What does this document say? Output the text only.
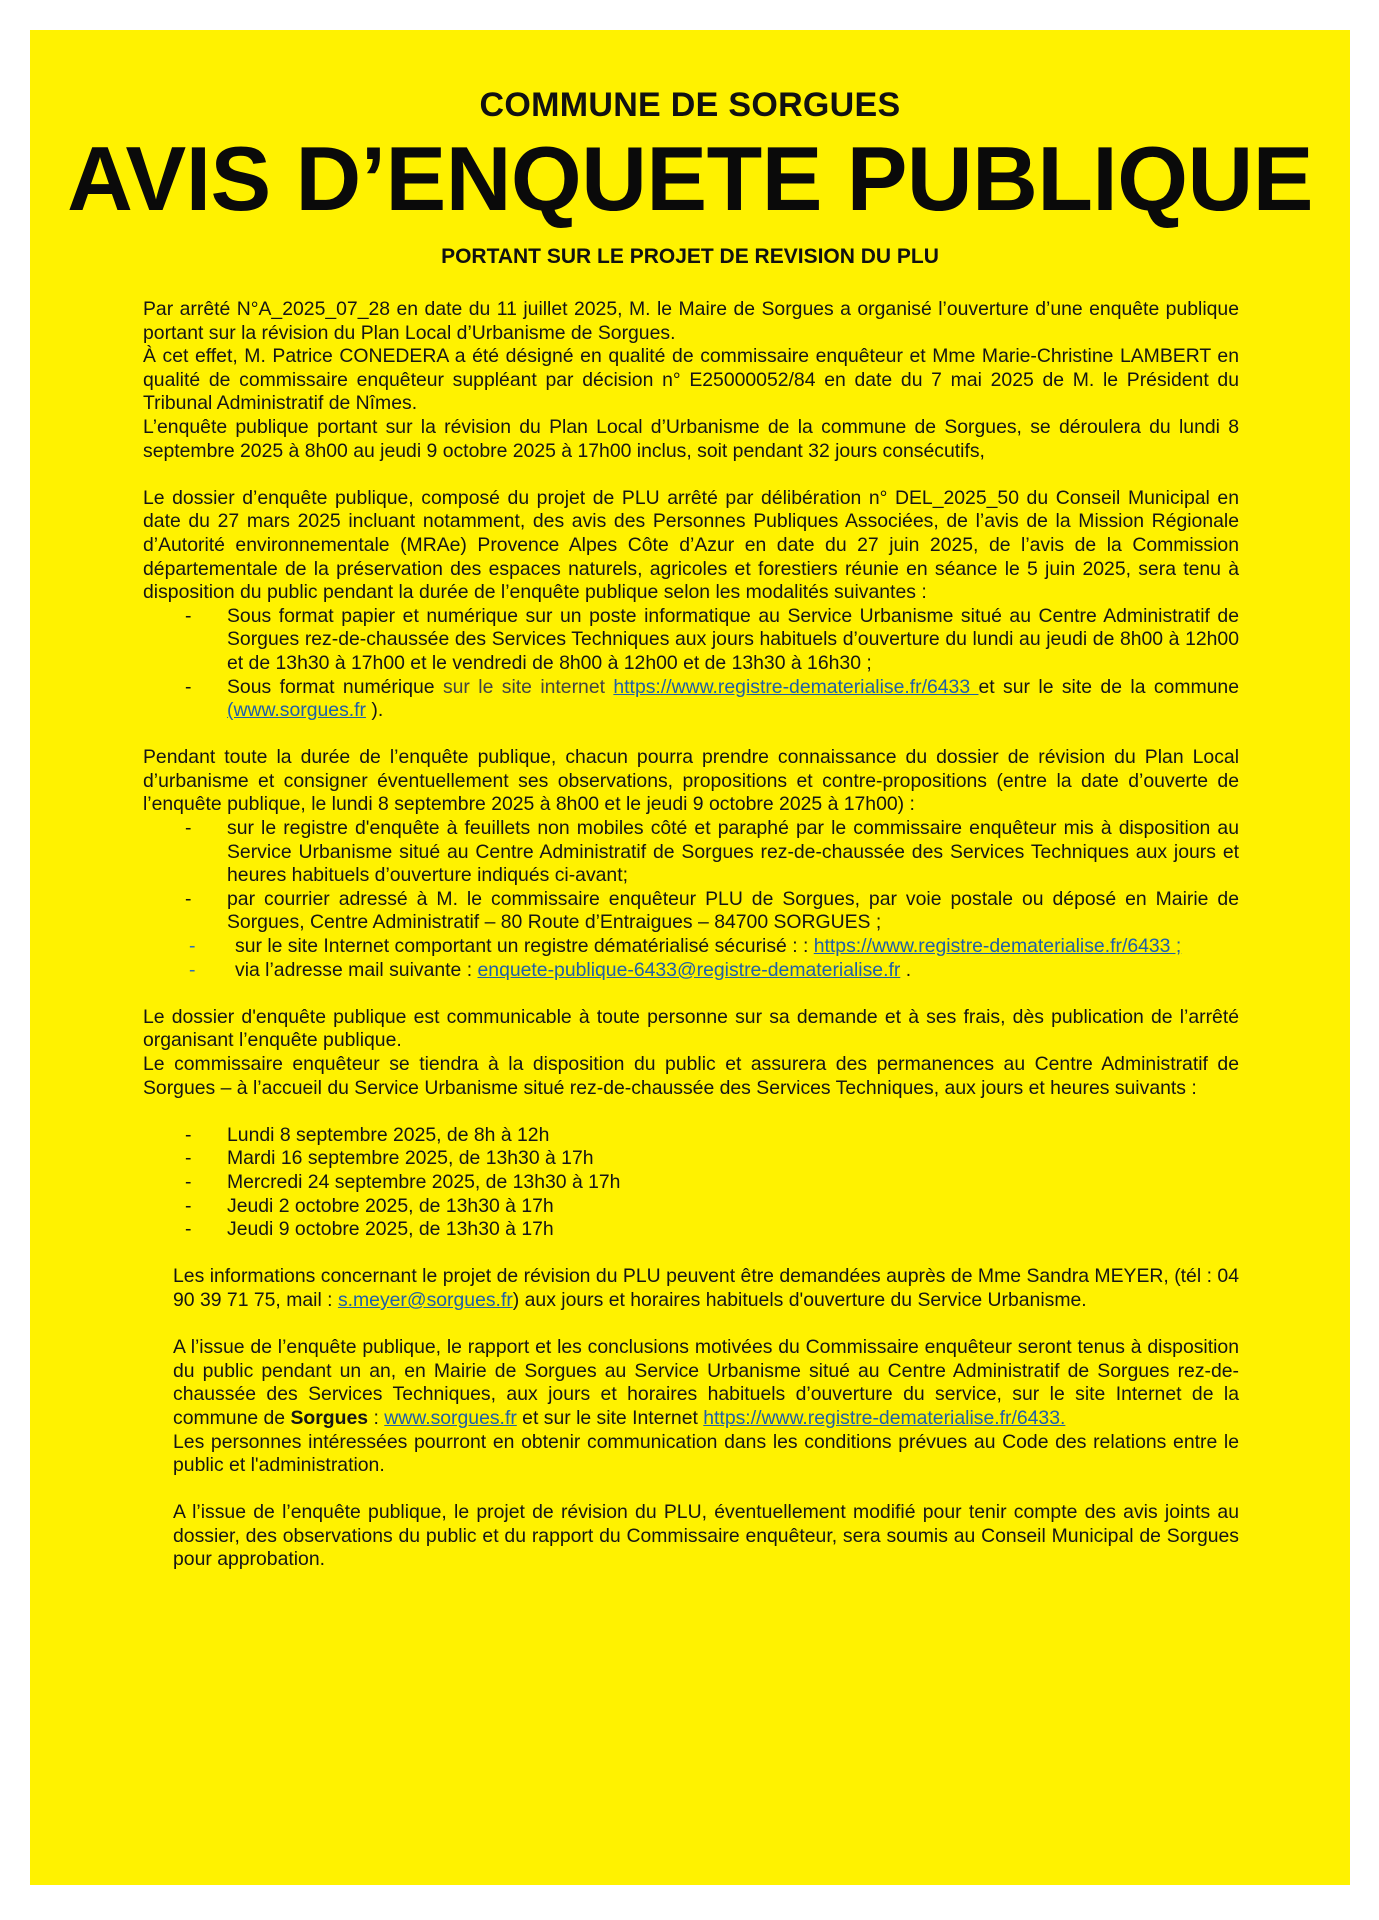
COMMUNE DE SORGUES
AVIS D’ENQUETE PUBLIQUE
PORTANT SUR LE PROJET DE REVISION DU PLU

Par arrêté N°A_2025_07_28 en date du 11 juillet 2025, M. le Maire de Sorgues a organisé l’ouverture d’une enquête publique portant sur la révision du Plan Local d’Urbanisme de Sorgues.

À cet effet, M. Patrice CONEDERA a été désigné en qualité de commissaire enquêteur et Mme Marie-Christine LAMBERT en qualité de commissaire enquêteur suppléant par décision n° E25000052/84 en date du 7 mai 2025 de M. le Président du Tribunal Administratif de Nîmes.

L’enquête publique portant sur la révision du Plan Local d’Urbanisme de la commune de Sorgues, se déroulera du lundi 8 septembre 2025 à 8h00 au jeudi 9 octobre 2025 à 17h00 inclus, soit pendant 32 jours consécutifs,

Le dossier d’enquête publique, composé du projet de PLU arrêté par délibération n° DEL_2025_50 du Conseil Municipal en date du 27 mars 2025 incluant notamment, des avis des Personnes Publiques Associées, de l’avis de la Mission Régionale d’Autorité environnementale (MRAe) Provence Alpes Côte d’Azur en date du 27 juin 2025, de l’avis de la Commission départementale de la préservation des espaces naturels, agricoles et forestiers réunie en séance le 5 juin 2025, sera tenu à disposition du public pendant la durée de l’enquête publique selon les modalités suivantes :

- Sous format papier et numérique sur un poste informatique au Service Urbanisme situé au Centre Administratif de Sorgues rez-de-chaussée des Services Techniques aux jours habituels d’ouverture du lundi au jeudi de 8h00 à 12h00 et de 13h30 à 17h00 et le vendredi de 8h00 à 12h00 et de 13h30 à 16h30 ;
- Sous format numérique sur le site internet https://www.registre-dematerialise.fr/6433 et sur le site de la commune (www.sorgues.fr ).

Pendant toute la durée de l’enquête publique, chacun pourra prendre connaissance du dossier de révision du Plan Local d’urbanisme et consigner éventuellement ses observations, propositions et contre-propositions (entre la date d’ouverte de l’enquête publique, le lundi 8 septembre 2025 à 8h00 et le jeudi 9 octobre 2025 à 17h00) :

- sur le registre d'enquête à feuillets non mobiles côté et paraphé par le commissaire enquêteur mis à disposition au Service Urbanisme situé au Centre Administratif de Sorgues rez-de-chaussée des Services Techniques aux jours et heures habituels d’ouverture indiqués ci-avant;
- par courrier adressé à M. le commissaire enquêteur PLU de Sorgues, par voie postale ou déposé en Mairie de Sorgues, Centre Administratif – 80 Route d’Entraigues – 84700 SORGUES ;
- sur le site Internet comportant un registre dématérialisé sécurisé : : https://www.registre-dematerialise.fr/6433 ;
- via l’adresse mail suivante : enquete-publique-6433@registre-dematerialise.fr .

Le dossier d'enquête publique est communicable à toute personne sur sa demande et à ses frais, dès publication de l’arrêté organisant l’enquête publique.

Le commissaire enquêteur se tiendra à la disposition du public et assurera des permanences au Centre Administratif de Sorgues – à l’accueil du Service Urbanisme situé rez-de-chaussée des Services Techniques, aux jours et heures suivants :

- Lundi 8 septembre 2025, de 8h à 12h
- Mardi 16 septembre 2025, de 13h30 à 17h
- Mercredi 24 septembre 2025, de 13h30 à 17h
- Jeudi 2 octobre 2025, de 13h30 à 17h
- Jeudi 9 octobre 2025, de 13h30 à 17h

Les informations concernant le projet de révision du PLU peuvent être demandées auprès de Mme Sandra MEYER, (tél : 04 90 39 71 75, mail : s.meyer@sorgues.fr) aux jours et horaires habituels d'ouverture du Service Urbanisme.

A l’issue de l’enquête publique, le rapport et les conclusions motivées du Commissaire enquêteur seront tenus à disposition du public pendant un an, en Mairie de Sorgues au Service Urbanisme situé au Centre Administratif de Sorgues rez-de-chaussée des Services Techniques, aux jours et horaires habituels d’ouverture du service, sur le site Internet de la commune de Sorgues : www.sorgues.fr et sur le site Internet https://www.registre-dematerialise.fr/6433.

Les personnes intéressées pourront en obtenir communication dans les conditions prévues au Code des relations entre le public et l'administration.

A l’issue de l’enquête publique, le projet de révision du PLU, éventuellement modifié pour tenir compte des avis joints au dossier, des observations du public et du rapport du Commissaire enquêteur, sera soumis au Conseil Municipal de Sorgues pour approbation.
